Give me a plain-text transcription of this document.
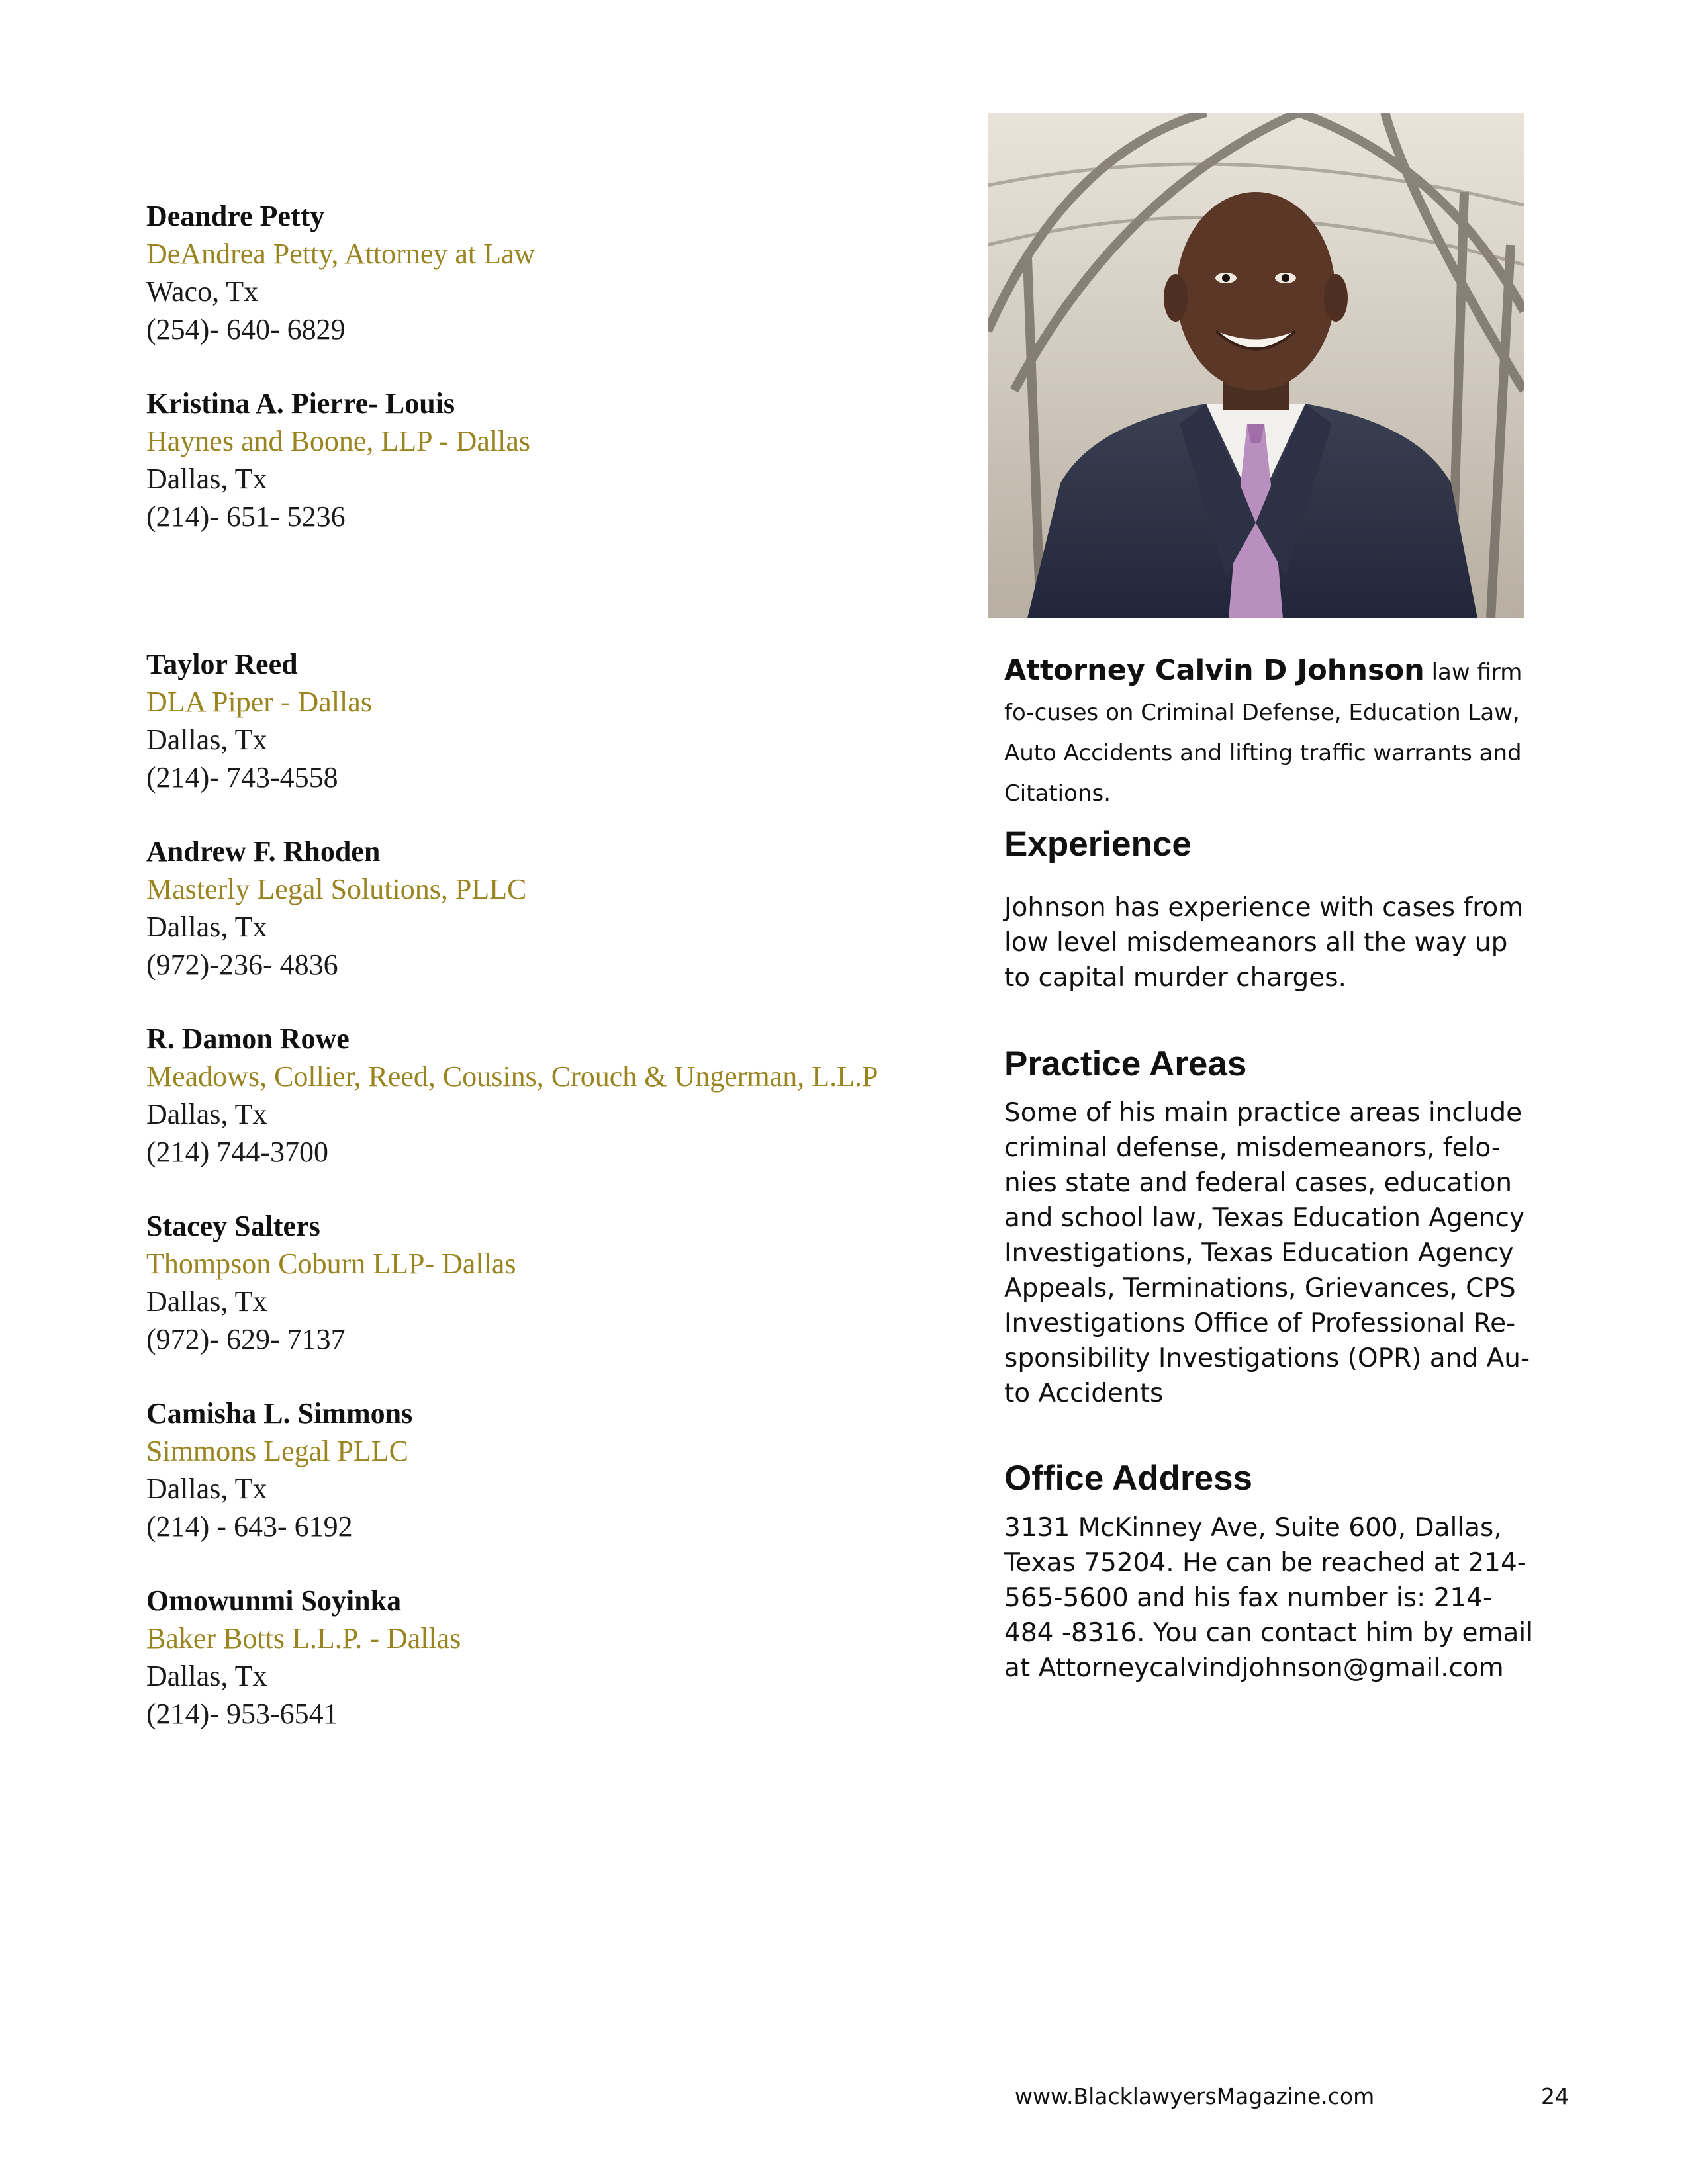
Deandre Petty
DeAndrea Petty, Attorney at Law
Waco, Tx
(254)- 640- 6829
Kristina A. Pierre- Louis
Haynes and Boone, LLP - Dallas
Dallas, Tx
(214)- 651- 5236
Taylor Reed
DLA Piper - Dallas
Dallas, Tx
(214)- 743-4558
Andrew F. Rhoden
Masterly Legal Solutions, PLLC
Dallas, Tx
(972)-236- 4836
R. Damon Rowe
Meadows, Collier, Reed, Cousins, Crouch & Ungerman, L.L.P
Dallas, Tx
(214) 744-3700
Stacey Salters
Thompson Coburn LLP- Dallas
Dallas, Tx
(972)- 629- 7137
Camisha L. Simmons
Simmons Legal PLLC
Dallas, Tx
(214) - 643- 6192
Omowunmi Soyinka
Baker Botts L.L.P. - Dallas
Dallas, Tx
(214)- 953-6541
Attorney Calvin D Johnson law firm fo-cuses on Criminal Defense, Education Law, Auto Accidents and lifting traffic warrants and Citations.
Experience
Johnson has experience with cases from low level misdemeanors all the way up to capital murder charges.
Practice Areas
Some of his main practice areas include criminal defense, misdemeanors, felo-nies state and federal cases, education and school law, Texas Education Agency Investigations, Texas Education Agency Appeals, Terminations, Grievances, CPS Investigations Office of Professional Re-sponsibility Investigations (OPR) and Au-to Accidents
Office Address
3131 McKinney Ave, Suite 600, Dallas, Texas 75204. He can be reached at 214-565-5600 and his fax number is: 214-484 -8316. You can contact him by email at Attorneycalvindjohnson@gmail.com
www.BlacklawyersMagazine.com	24
